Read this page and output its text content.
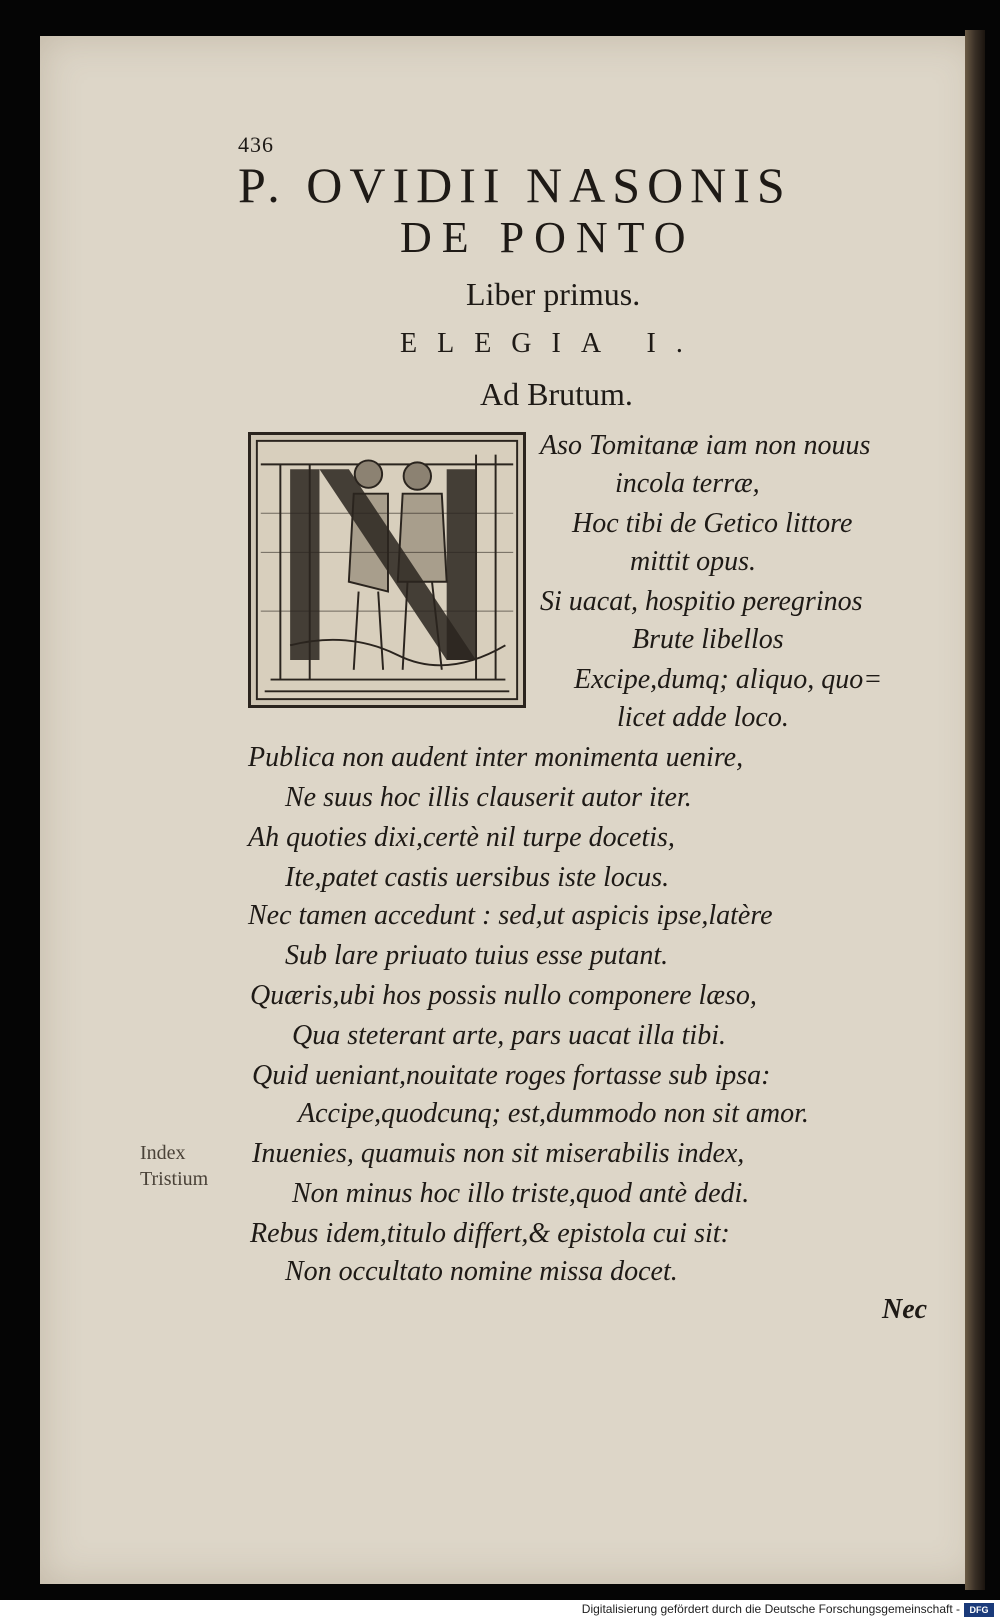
436
P. OVIDII NASONIS
DE PONTO
Liber primus.
ELEGIA I.
Ad Brutum.
Aso Tomitanæ iam non nouus
incola terræ,
Hoc tibi de Getico littore
mittit opus.
Si uacat, hospitio peregrinos
Brute libellos
Excipe,dumq; aliquo, quo=
licet adde loco.
Publica non audent inter monimenta uenire,
Ne suus hoc illis clauserit autor iter.
Ah quoties dixi,certè nil turpe docetis,
Ite,patet castis uersibus iste locus.
Nec tamen accedunt : sed,ut aspicis ipse,latère
Sub lare priuato tuius esse putant.
Quæris,ubi hos possis nullo componere læso,
Qua steterant arte, pars uacat illa tibi.
Quid ueniant,nouitate roges fortasse sub ipsa:
Accipe,quodcunq; est,dummodo non sit amor.
Inuenies, quamuis non sit miserabilis index,
Non minus hoc illo triste,quod antè dedi.
Rebus idem,titulo differt,& epistola cui sit:
Non occultato nomine missa docet.
Nec
Index
Tristium
Digitalisierung gefördert durch die Deutsche Forschungsgemeinschaft -	DFG
